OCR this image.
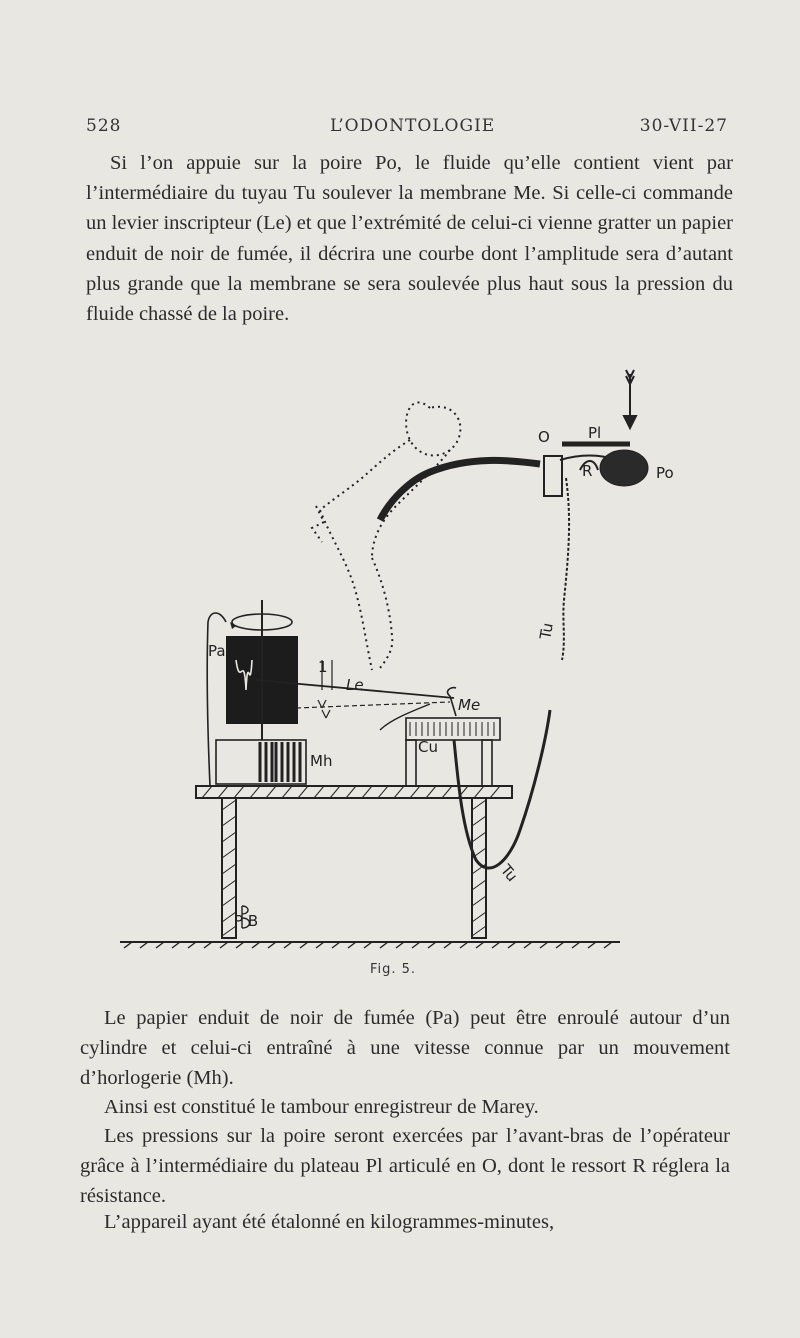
528	L’ODONTOLOGIE	30-VII-27
Si l’on appuie sur la poire Po, le fluide qu’elle contient vient par l’intermédiaire du tuyau Tu soulever la membrane Me. Si celle-ci commande un levier inscripteur (Le) et que l’extrémité de celui-ci vienne gratter un papier enduit de noir de fumée, il décrira une courbe dont l’amplitude sera d’autant plus grande que la membrane se sera soulevée plus haut sous la pression du fluide chassé de la poire.
O	Pl
R	Po
Tu
Pa
1
Le
Me
Cu
Mh
Tu
P B
Fig. 5.
Le papier enduit de noir de fumée (Pa) peut être enroulé autour d’un cylindre et celui-ci entraîné à une vitesse connue par un mouvement d’horlogerie (Mh).
Ainsi est constitué le tambour enregistreur de Marey.
Les pressions sur la poire seront exercées par l’avant-bras de l’opérateur grâce à l’intermédiaire du plateau Pl articulé en O, dont le ressort R réglera la résistance.
L’appareil ayant été étalonné en kilogrammes-minutes,
